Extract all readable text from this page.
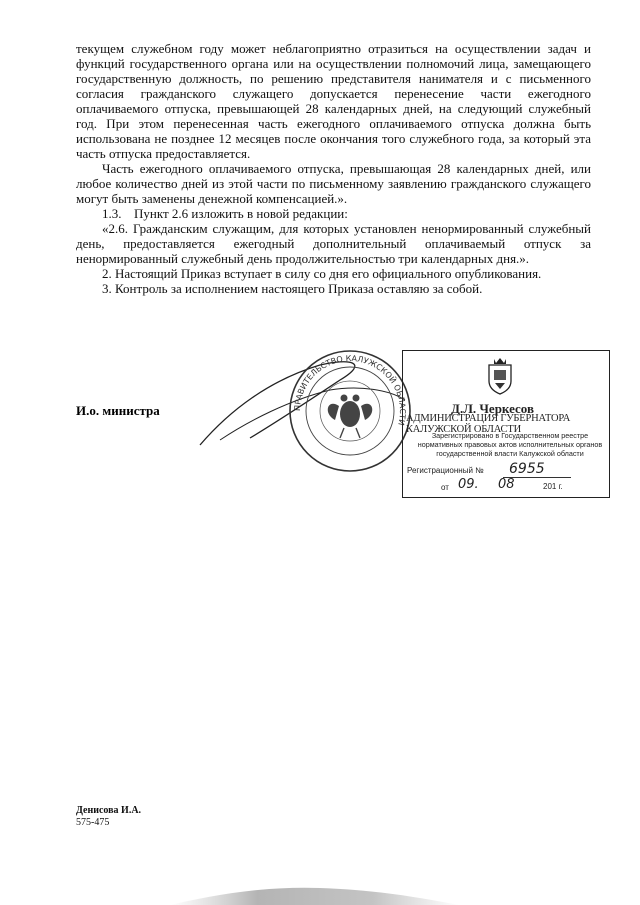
текущем служебном году может неблагоприятно отразиться на осуществлении задач и функций государственного органа или на осуществлении полномочий лица, замещающего государственную должность, по решению представителя нанимателя и с письменного согласия гражданского служащего допускается перенесение части ежегодного оплачиваемого отпуска, превышающей 28 календарных дней, на следующий служебный год. При этом перенесенная часть ежегодного оплачиваемого отпуска должна быть использована не позднее 12 месяцев после окончания того служебного года, за который эта часть отпуска предоставляется.

Часть ежегодного оплачиваемого отпуска, превышающая 28 календарных дней, или любое количество дней из этой части по письменному заявлению гражданского служащего могут быть заменены денежной компенсацией.».

1.3. Пункт 2.6 изложить в новой редакции:

«2.6. Гражданским служащим, для которых установлен ненормированный служебный день, предоставляется ежегодный дополнительный оплачиваемый отпуск за ненормированный служебный день продолжительностью три календарных дня.».

2. Настоящий Приказ вступает в силу со дня его официального опубликования.

3. Контроль за исполнением настоящего Приказа оставляю за собой.

И.о. министра	ПРАВИТЕЛЬСТВО КАЛУЖСКОЙ ОБЛАСТИ
Д.Л. Черкесов
АДМИНИСТРАЦИЯ ГУБЕРНАТОРА КАЛУЖСКОЙ ОБЛАСТИ
Зарегистрировано в Государственном реестре нормативных правовых актов исполнительных органов государственной власти Калужской области
Регистрационный №	6955
от 09. 08	201 г.
Денисова И.А.
575-475
